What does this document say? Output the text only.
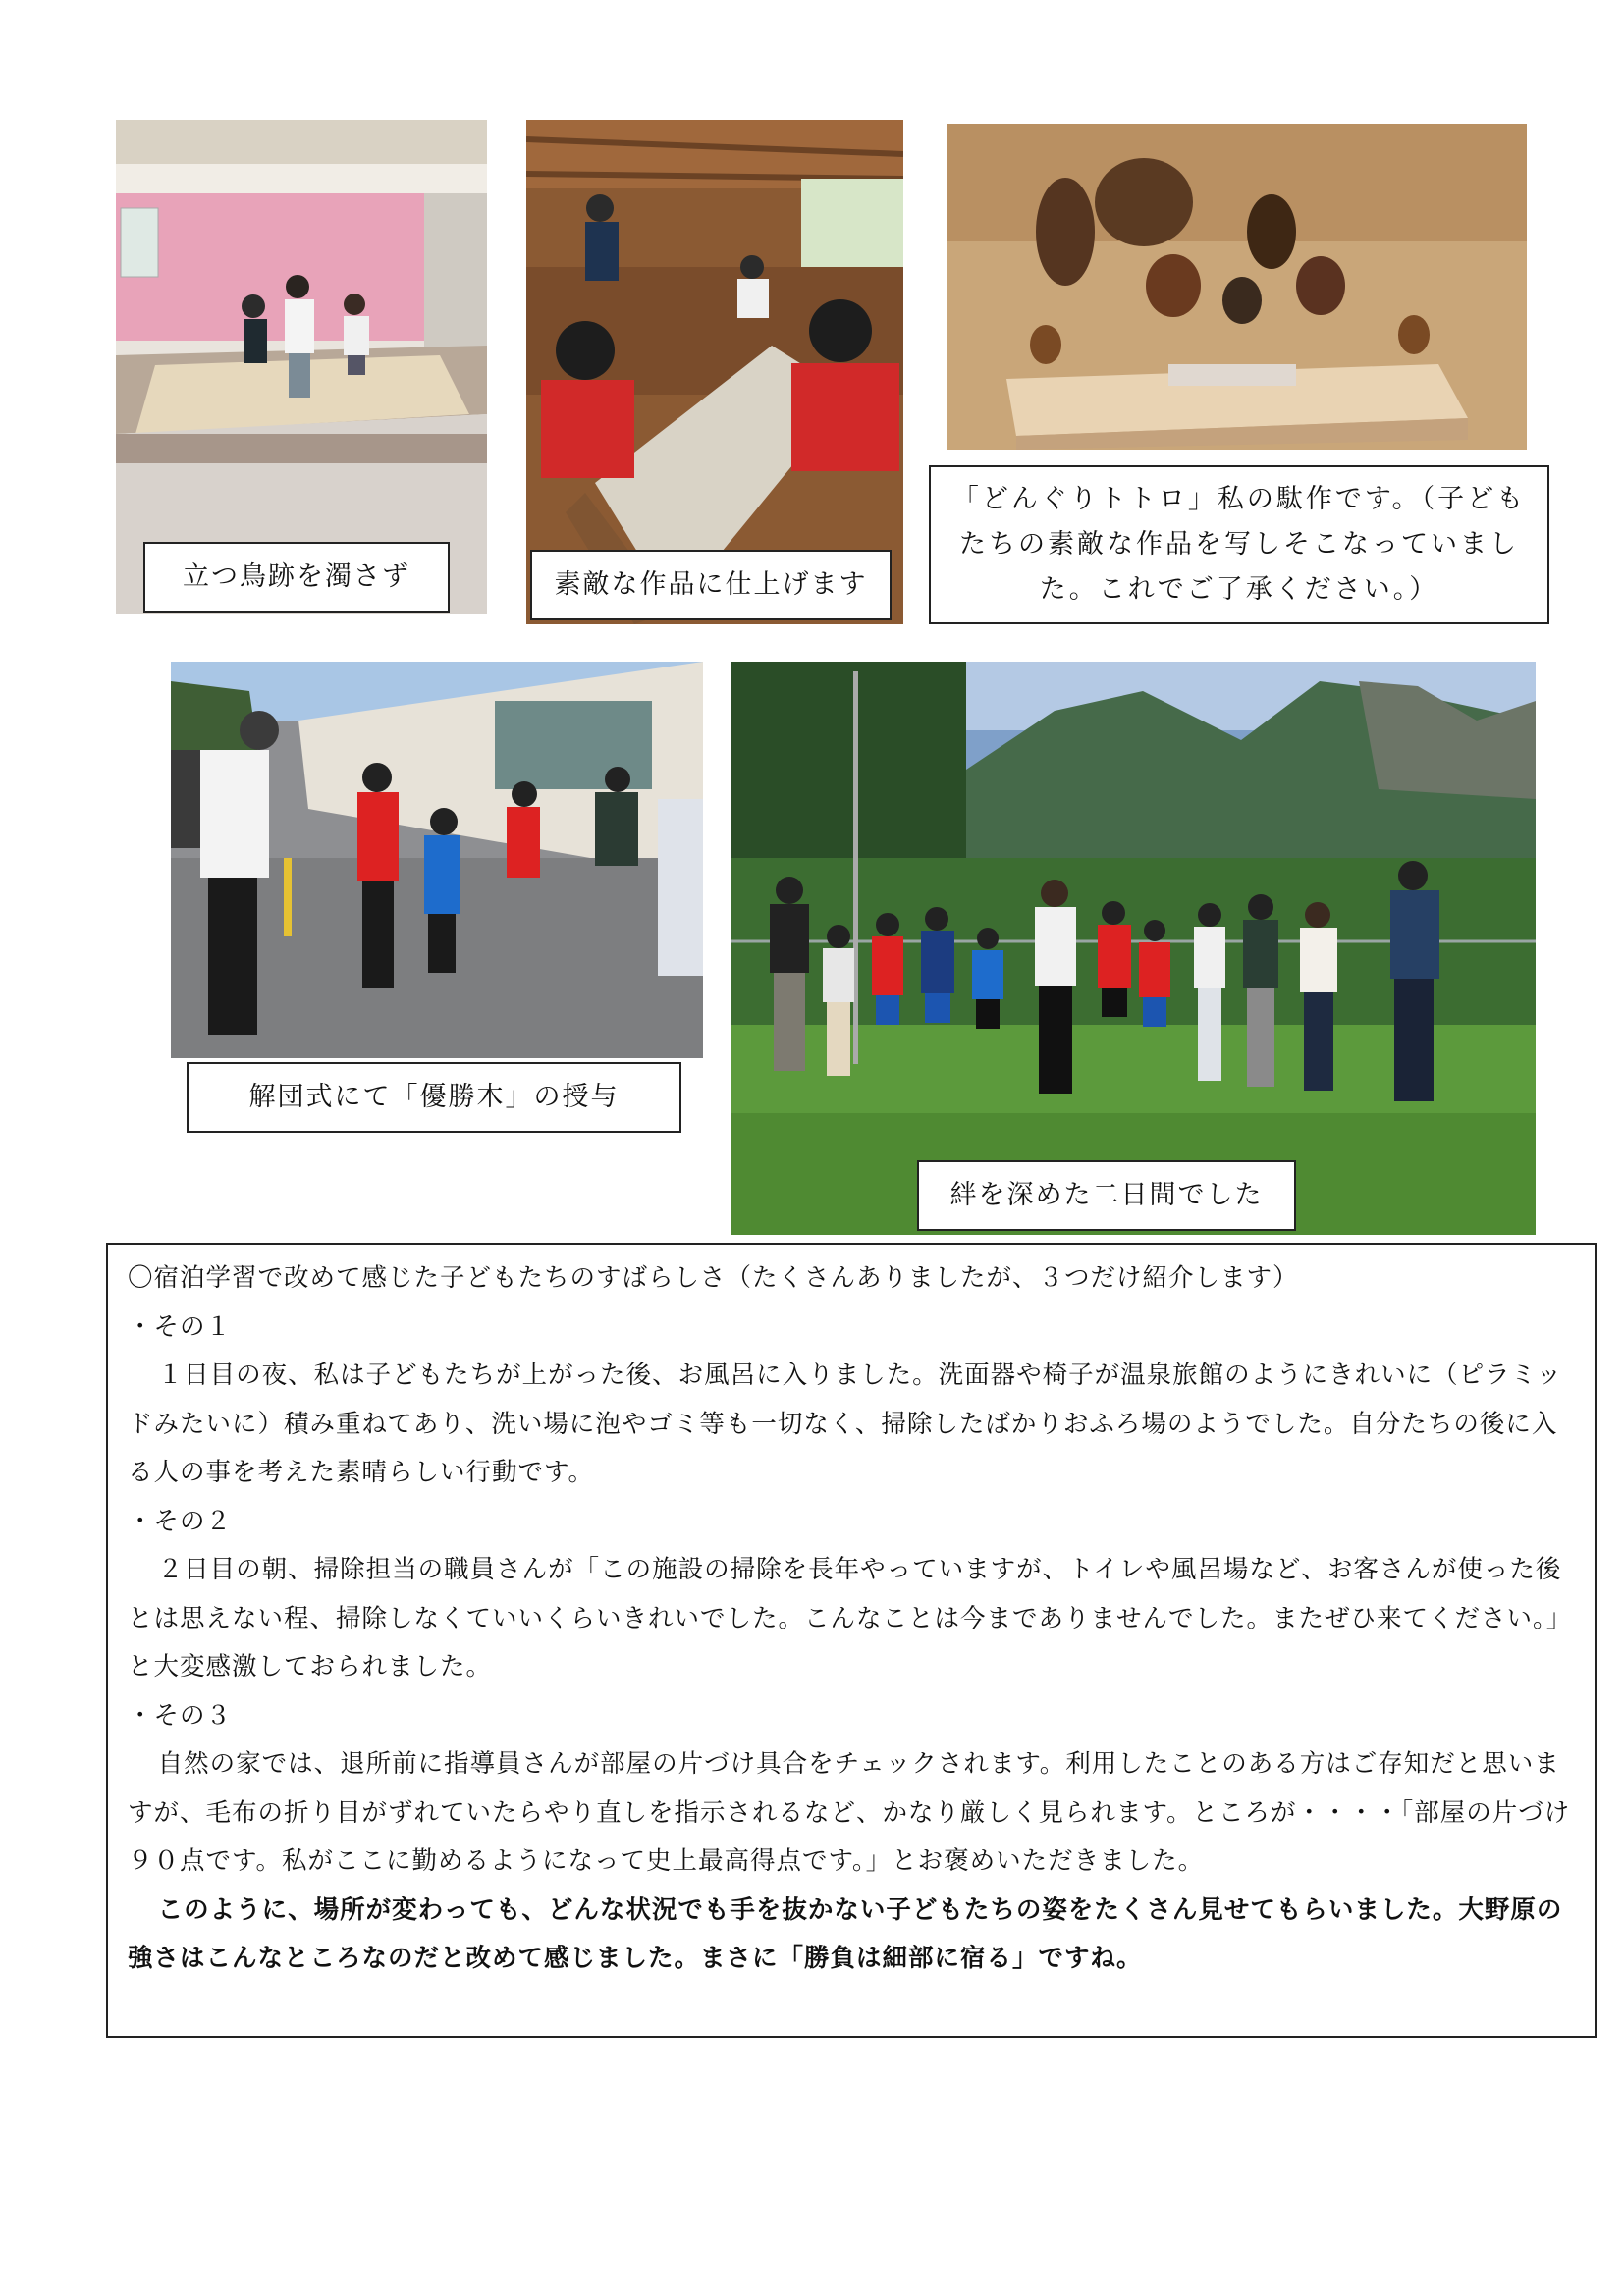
立つ鳥跡を濁さず	素敵な作品に仕上げます
「どんぐりトトロ」私の駄作です。（子ども
たちの素敵な作品を写しそこなっていまし
た。これでご了承ください。）
解団式にて「優勝木」の授与
絆を深めた二日間でした

〇宿泊学習で改めて感じた子どもたちのすばらしさ（たくさんありましたが、３つだけ紹介します）

・その１

１日目の夜、私は子どもたちが上がった後、お風呂に入りました。洗面器や椅子が温泉旅館のようにきれいに（ピラミッドみたいに）積み重ねてあり、洗い場に泡やゴミ等も一切なく、掃除したばかりおふろ場のようでした。自分たちの後に入る人の事を考えた素晴らしい行動です。

・その２

２日目の朝、掃除担当の職員さんが「この施設の掃除を長年やっていますが、トイレや風呂場など、お客さんが使った後とは思えない程、掃除しなくていいくらいきれいでした。こんなことは今までありませんでした。またぜひ来てください。」と大変感激しておられました。

・その３

自然の家では、退所前に指導員さんが部屋の片づけ具合をチェックされます。利用したことのある方はご存知だと思いますが、毛布の折り目がずれていたらやり直しを指示されるなど、かなり厳しく見られます。ところが・・・・「部屋の片づけ９０点です。私がここに勤めるようになって史上最高得点です。」とお褒めいただきました。

このように、場所が変わっても、どんな状況でも手を抜かない子どもたちの姿をたくさん見せてもらいました。大野原の強さはこんなところなのだと改めて感じました。まさに「勝負は細部に宿る」ですね。
